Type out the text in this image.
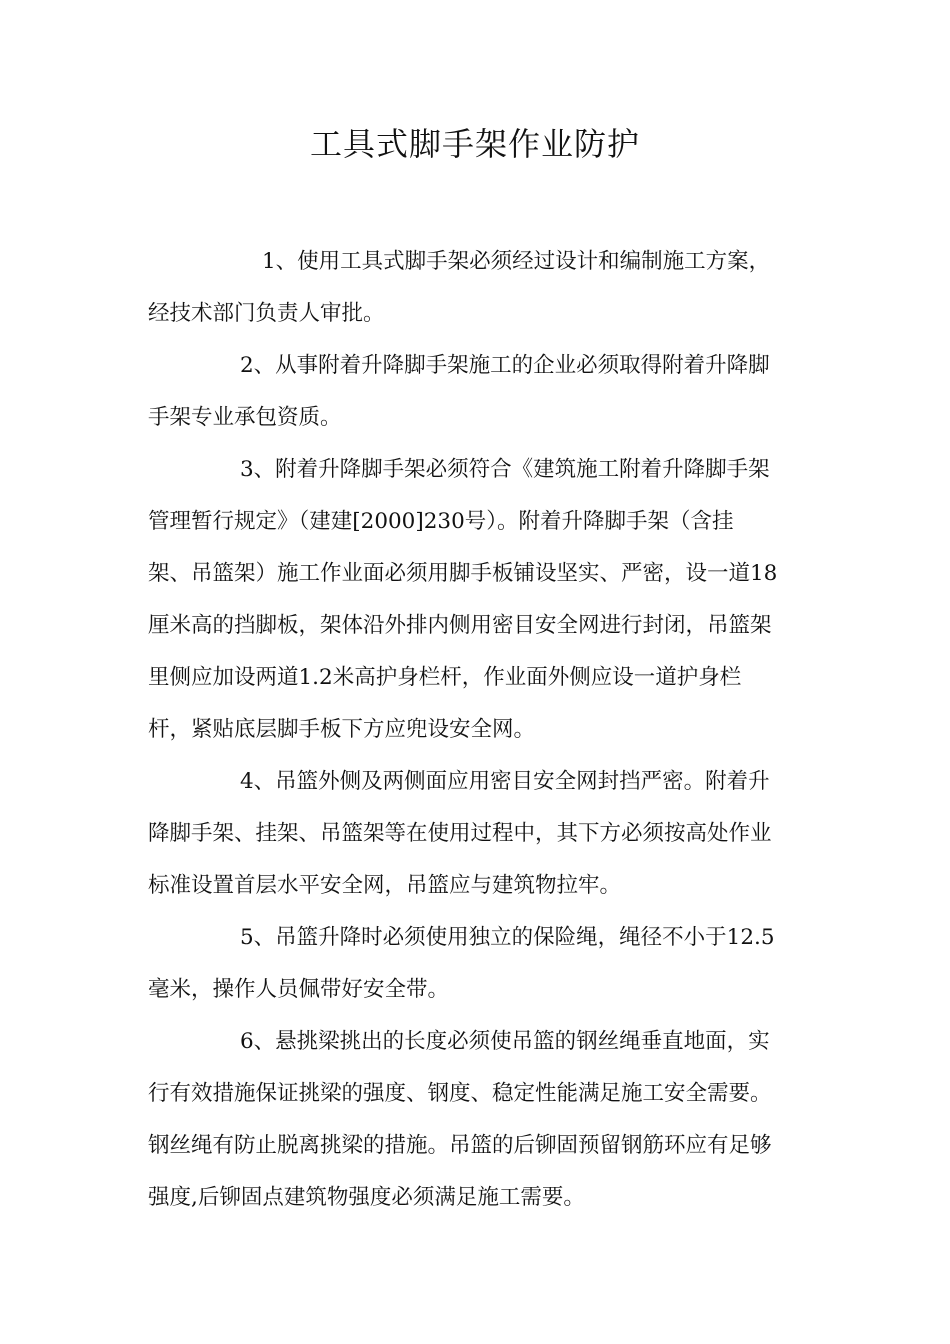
工具式脚手架作业防护

1、使用工具式脚手架必须经过设计和编制施工方案，

经技术部门负责人审批。

2、从事附着升降脚手架施工的企业必须取得附着升降脚

手架专业承包资质。

3、附着升降脚手架必须符合《建筑施工附着升降脚手架

管理暂行规定》（建建[2000]230号）。附着升降脚手架（含挂

架、吊篮架）施工作业面必须用脚手板铺设坚实、严密，设一道18

厘米高的挡脚板，架体沿外排内侧用密目安全网进行封闭，吊篮架

里侧应加设两道1.2米高护身栏杆，作业面外侧应设一道护身栏

杆，紧贴底层脚手板下方应兜设安全网。

4、吊篮外侧及两侧面应用密目安全网封挡严密。附着升

降脚手架、挂架、吊篮架等在使用过程中，其下方必须按高处作业

标准设置首层水平安全网，吊篮应与建筑物拉牢。

5、吊篮升降时必须使用独立的保险绳，绳径不小于12.5

毫米，操作人员佩带好安全带。

6、悬挑梁挑出的长度必须使吊篮的钢丝绳垂直地面，实

行有效措施保证挑梁的强度、钢度、稳定性能满足施工安全需要。

钢丝绳有防止脱离挑梁的措施。吊篮的后铆固预留钢筋环应有足够

强度,后铆固点建筑物强度必须满足施工需要。
